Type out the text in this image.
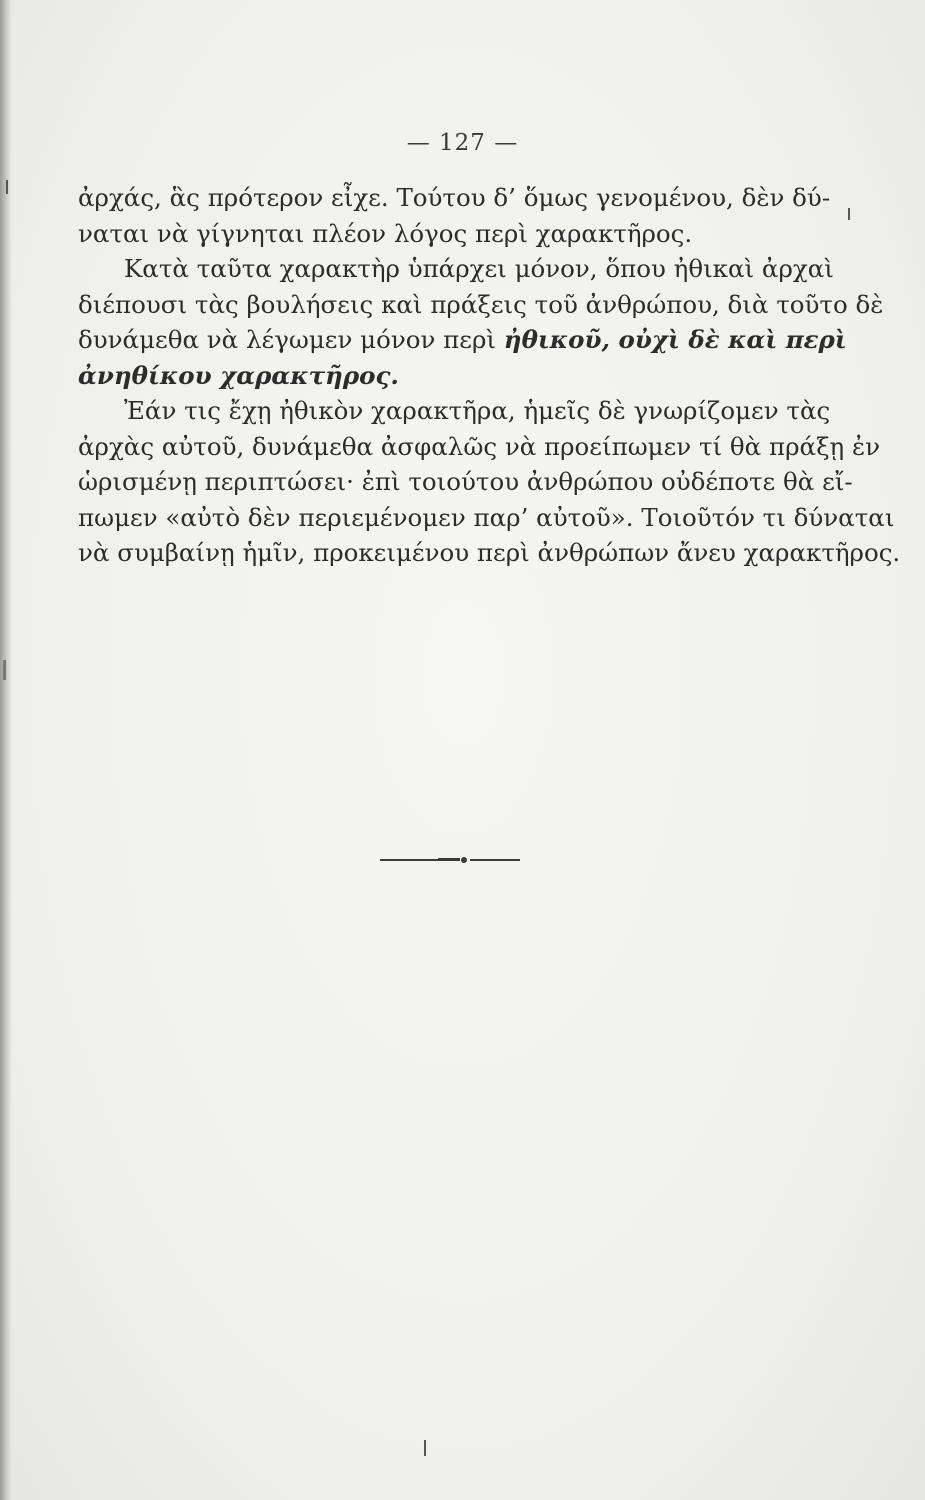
— 127 —
ἀρχάς, ἃς πρότερον εἶχε. Τούτου δ’ ὅμως γενομένου, δὲν δύ-
ναται νὰ γίγνηται πλέον λόγος περὶ χαρακτῆρος.
Κατὰ ταῦτα χαρακτὴρ ὑπάρχει μόνον, ὅπου ἠθικαὶ ἀρχαὶ
διέπουσι τὰς βουλήσεις καὶ πράξεις τοῦ ἀνθρώπου, διὰ τοῦτο δὲ
δυνάμεθα νὰ λέγωμεν μόνον περὶ ἠθικοῦ, οὐχὶ δὲ καὶ περὶ
ἀνηθίκου χαρακτῆρος.
Ἐάν τις ἔχῃ ἠθικὸν χαρακτῆρα, ἡμεῖς δὲ γνωρίζομεν τὰς
ἀρχὰς αὐτοῦ, δυνάμεθα ἀσφαλῶς νὰ προείπωμεν τί θὰ πράξῃ ἐν
ὡρισμένῃ περιπτώσει· ἐπὶ τοιούτου ἀνθρώπου οὐδέποτε θὰ εἴ-
πωμεν «αὐτὸ δὲν περιεμένομεν παρ’ αὐτοῦ». Τοιοῦτόν τι δύναται
νὰ συμβαίνῃ ἡμῖν, προκειμένου περὶ ἀνθρώπων ἄνευ χαρακτῆρος.
